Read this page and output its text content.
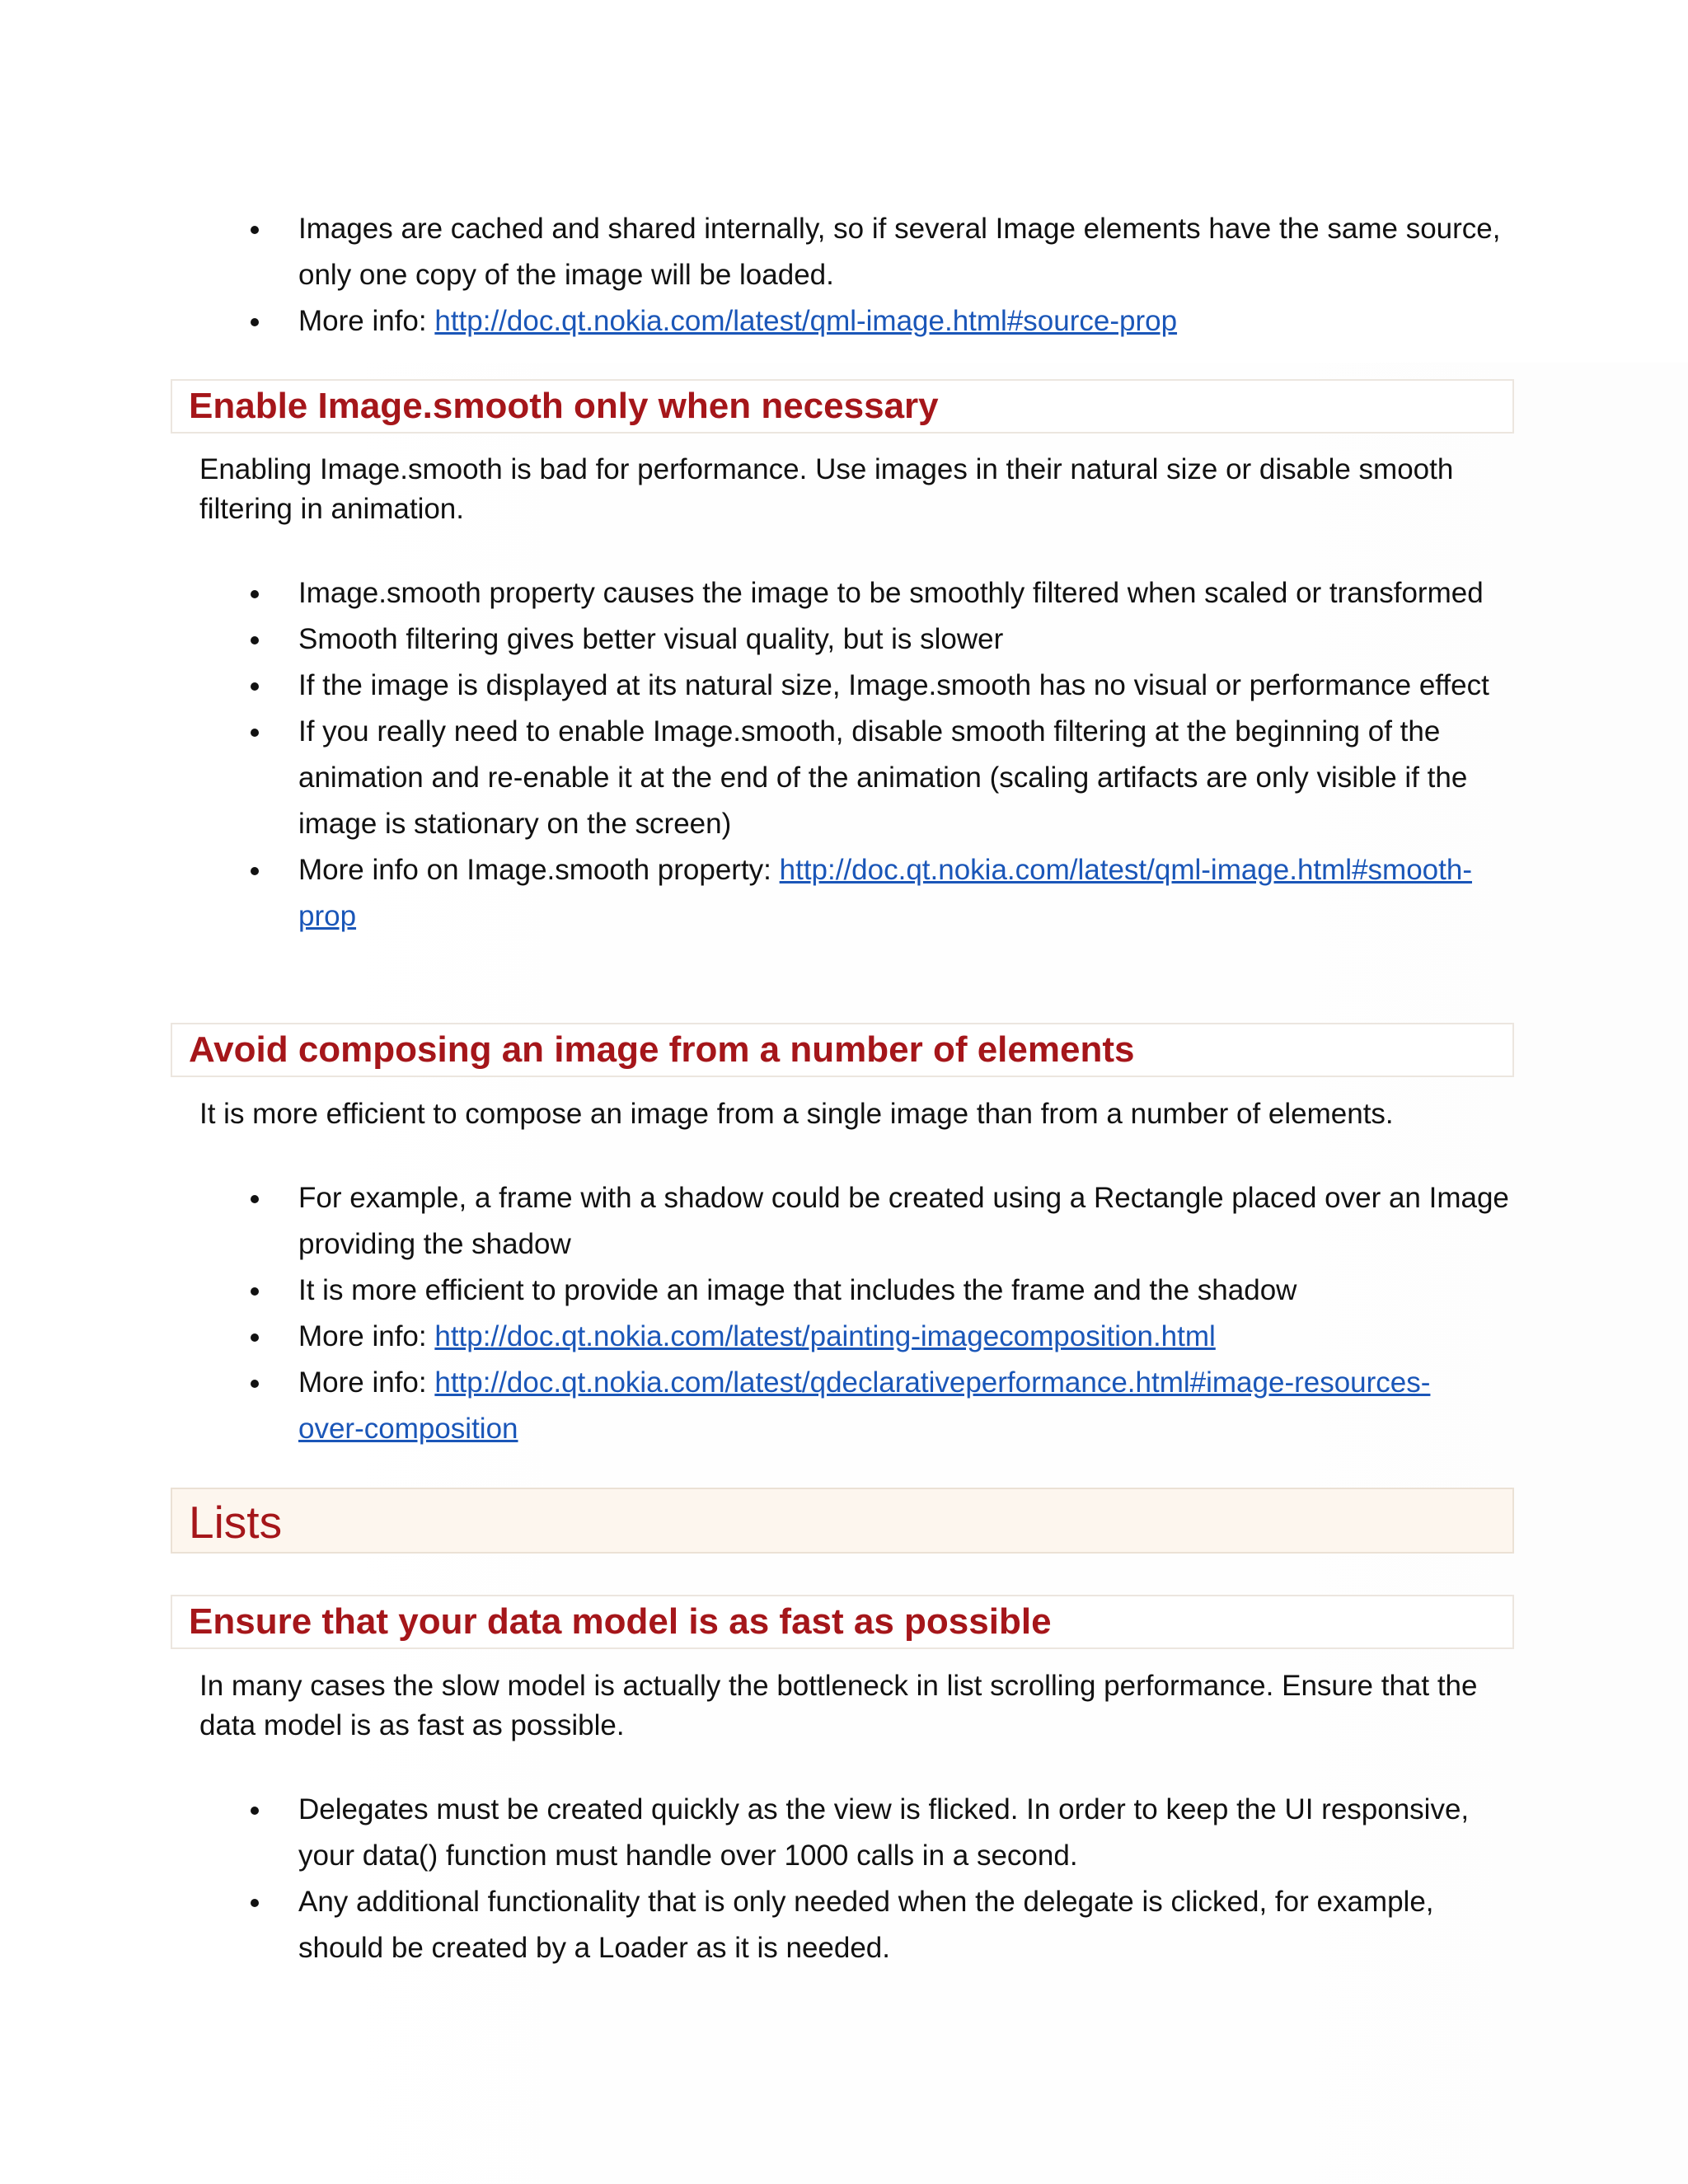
Images are cached and shared internally, so if several Image elements have the same source, only one copy of the image will be loaded.
More info: http://doc.qt.nokia.com/latest/qml-image.html#source-prop
Enable Image.smooth only when necessary
Enabling Image.smooth is bad for performance. Use images in their natural size or disable smooth filtering in animation.
Image.smooth property causes the image to be smoothly filtered when scaled or transformed
Smooth filtering gives better visual quality, but is slower
If the image is displayed at its natural size, Image.smooth has no visual or performance effect
If you really need to enable Image.smooth, disable smooth filtering at the beginning of the animation and re-enable it at the end of the animation (scaling artifacts are only visible if the image is stationary on the screen)
More info on Image.smooth property: http://doc.qt.nokia.com/latest/qml-image.html#smooth-
prop
Avoid composing an image from a number of elements
It is more efficient to compose an image from a single image than from a number of elements.
For example, a frame with a shadow could be created using a Rectangle placed over an Image providing the shadow
It is more efficient to provide an image that includes the frame and the shadow
More info: http://doc.qt.nokia.com/latest/painting-imagecomposition.html
More info: http://doc.qt.nokia.com/latest/qdeclarativeperformance.html#image-resources-
over-composition
Lists
Ensure that your data model is as fast as possible
In many cases the slow model is actually the bottleneck in list scrolling performance. Ensure that the data model is as fast as possible.
Delegates must be created quickly as the view is flicked. In order to keep the UI responsive, your data() function must handle over 1000 calls in a second.
Any additional functionality that is only needed when the delegate is clicked, for example, should be created by a Loader as it is needed.
